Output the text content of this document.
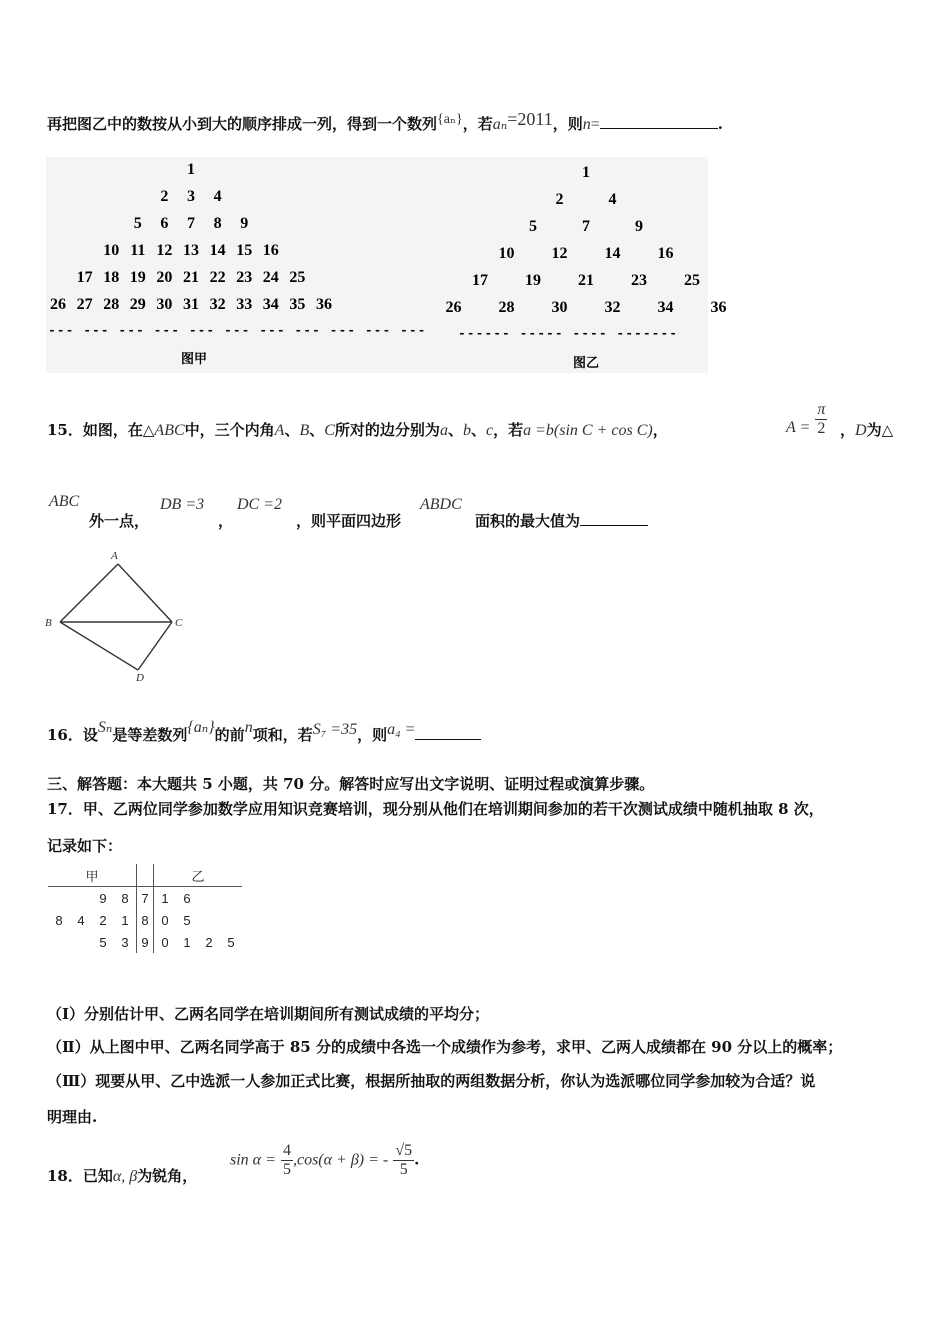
再把图乙中的数按从小到大的顺序排成一列，得到一个数列{aₙ}，若aₙ=2011，则n=	.
1
2 3 4
5 6 7 8 9
10 11 12 13 14 15 16
17 18 19 20 21 22 23 24 25
26 27 28 29 30 31 32 33 34 35 36
--- --- --- --- --- --- --- --- --- --- ---
图甲
1
2	4
5	7	9
10 12 14 16
17 19 21 23 25
26 28 30 32 34 36
------ ----- ---- -------
图乙
15．如图，在△ABC中，三个内角A、B、C所对的边分别为a、b、c，若a =b(sin C + cos C)，	$A = \frac{\pi}{2}$ ，D为△
ABC
外一点，
DB =3
，
DC =2
，则平面四边形
ABDC
面积的最大值为
A
B	C
D
16．设Sₙ是等差数列{aₙ}的前n项和，若S₇ =35，则a₄ =
三、解答题：本大题共 5 小题，共 70 分。解答时应写出文字说明、证明过程或演算步骤。
17．甲、乙两位同学参加数学应用知识竞赛培训，现分别从他们在培训期间参加的若干次测试成绩中随机抽取 8 次，
记录如下：
甲					乙			
		9	8	7	1	6		
8	4	2	1	8	0	5		
		5	3	9	0	1	2	5
（Ⅰ）分别估计甲、乙两名同学在培训期间所有测试成绩的平均分；
（Ⅱ）从上图中甲、乙两名同学高于 85 分的成绩中各选一个成绩作为参考，求甲、乙两人成绩都在 90 分以上的概率；
（Ⅲ）现要从甲、乙中选派一人参加正式比赛，根据所抽取的两组数据分析，你认为选派哪位同学参加较为合适？说
明理由.
18．已知α, β为锐角，
$\sin \alpha = \frac{4}{5} ,\cos(\alpha + \beta)$ = - $\frac{√5}{5}$ .
